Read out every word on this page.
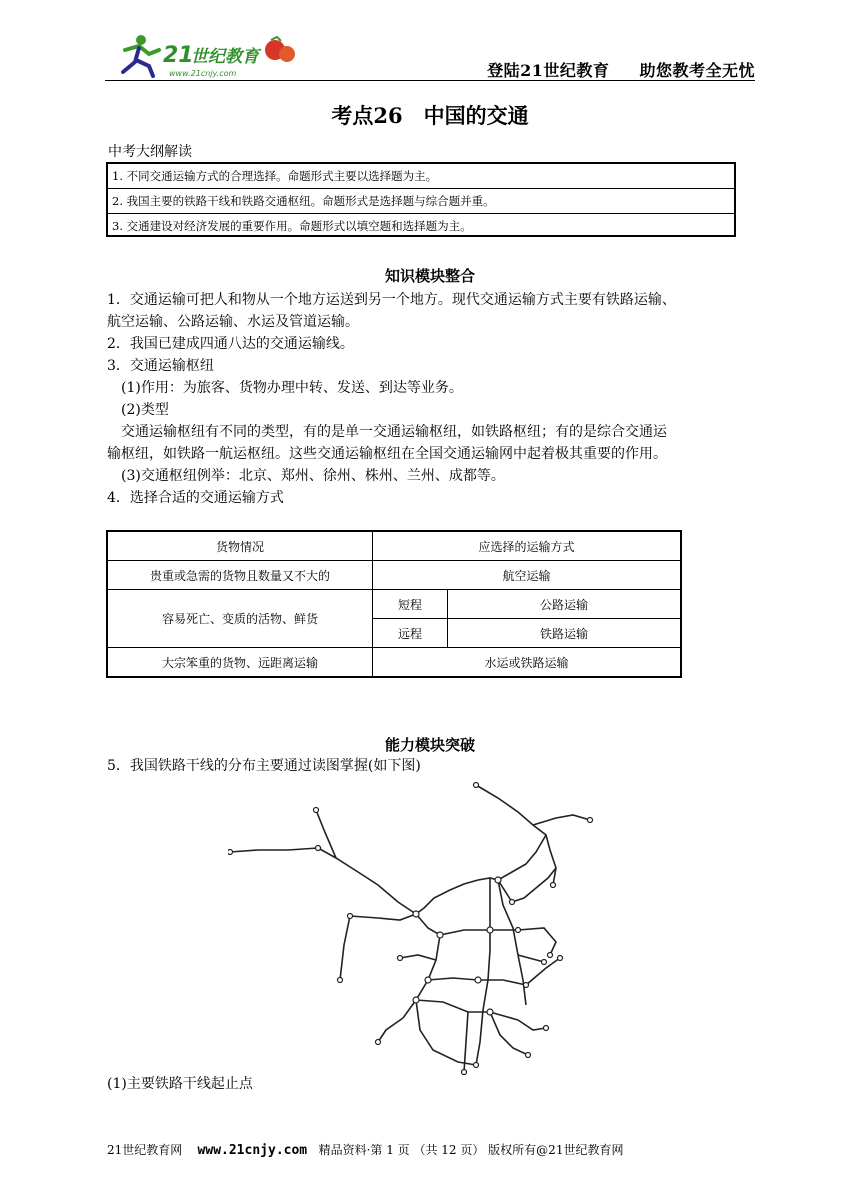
21
世纪教育
www.21cnjy.com	登陆21世纪教育 助您教考全无忧
考点26　中国的交通
中考大纲解读
1. 不同交通运输方式的合理选择。命题形式主要以选择题为主。
2. 我国主要的铁路干线和铁路交通枢纽。命题形式是选择题与综合题并重。
3. 交通建设对经济发展的重要作用。命题形式以填空题和选择题为主。
知识模块整合
1．交通运输可把人和物从一个地方运送到另一个地方。现代交通运输方式主要有铁路运输、
航空运输、公路运输、水运及管道运输。
2．我国已建成四通八达的交通运输线。
3．交通运输枢纽
(1)作用：为旅客、货物办理中转、发送、到达等业务。
(2)类型
交通运输枢纽有不同的类型，有的是单一交通运输枢纽，如铁路枢纽；有的是综合交通运
输枢纽，如铁路一航运枢纽。这些交通运输枢纽在全国交通运输网中起着极其重要的作用。
(3)交通枢纽例举：北京、郑州、徐州、株州、兰州、成都等。
4．选择合适的交通运输方式
货物情况	应选择的运输方式	
贵重或急需的货物且数量又不大的	航空运输	
容易死亡、变质的活物、鲜货	短程	公路运输
	远程	铁路运输
大宗笨重的货物、远距离运输	水运或铁路运输	
能力模块突破
5．我国铁路干线的分布主要通过读图掌握(如下图)
(1)主要铁路干线起止点
21世纪教育网 www.21cnjy.com 精品资料·第 1 页 （共 12 页） 版权所有@21世纪教育网
